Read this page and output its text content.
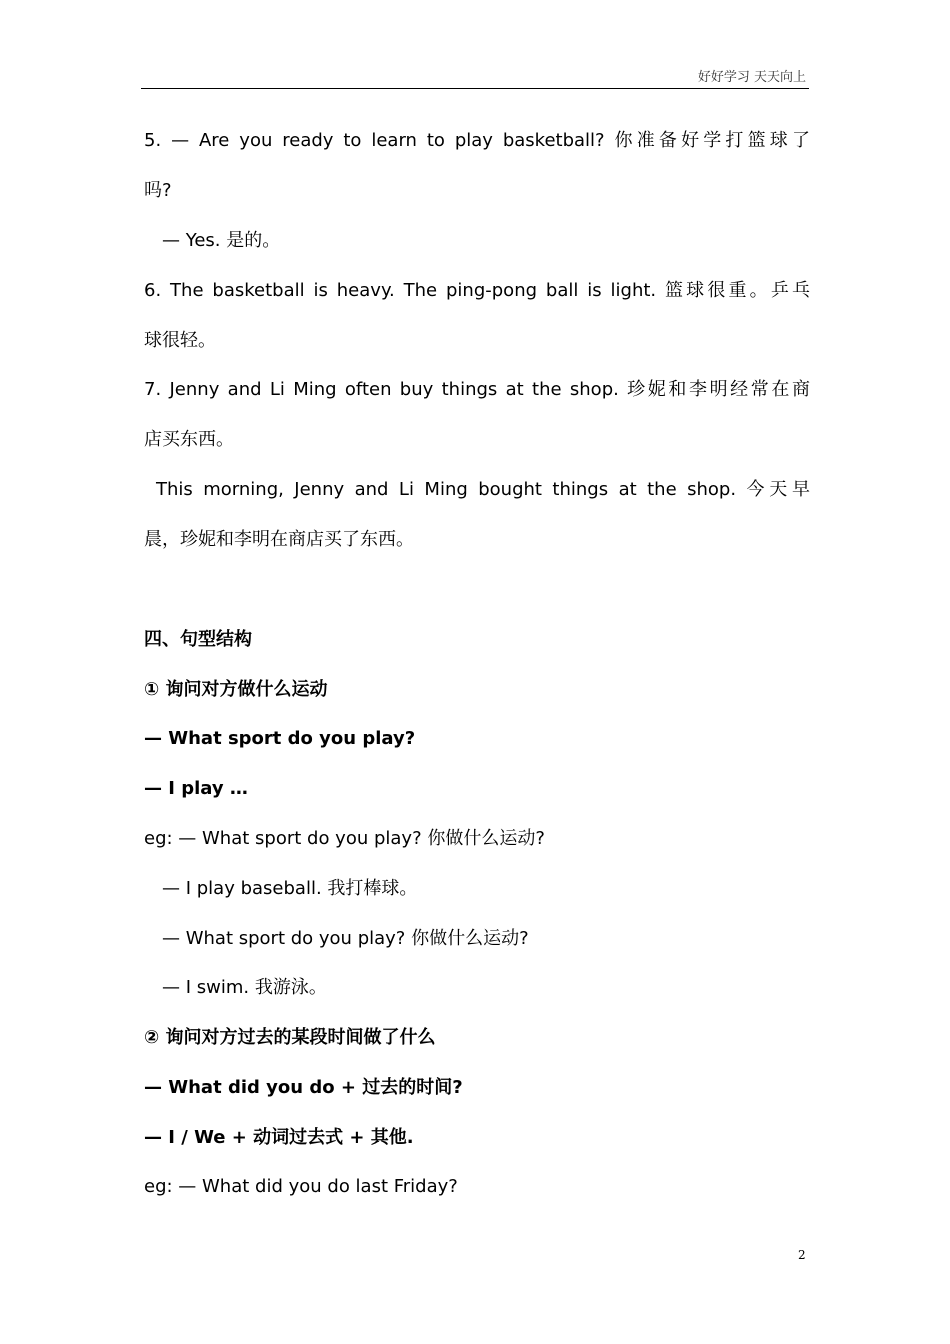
好好学习 天天向上
5. — Are you ready to learn to play basketball? 你准备好学打篮球了
吗?
— Yes. 是的。
6. The basketball is heavy. The ping-pong ball is light. 篮球很重。乒乓
球很轻。
7. Jenny and Li Ming often buy things at the shop. 珍妮和李明经常在商
店买东西。
This morning, Jenny and Li Ming bought things at the shop. 今天早
晨，珍妮和李明在商店买了东西。
四、句型结构
① 询问对方做什么运动
— What sport do you play?
— I play …
eg: — What sport do you play? 你做什么运动?
— I play baseball. 我打棒球。
— What sport do you play? 你做什么运动?
— I swim. 我游泳。
② 询问对方过去的某段时间做了什么
— What did you do + 过去的时间?
— I / We + 动词过去式 + 其他.
eg: — What did you do last Friday?
2
